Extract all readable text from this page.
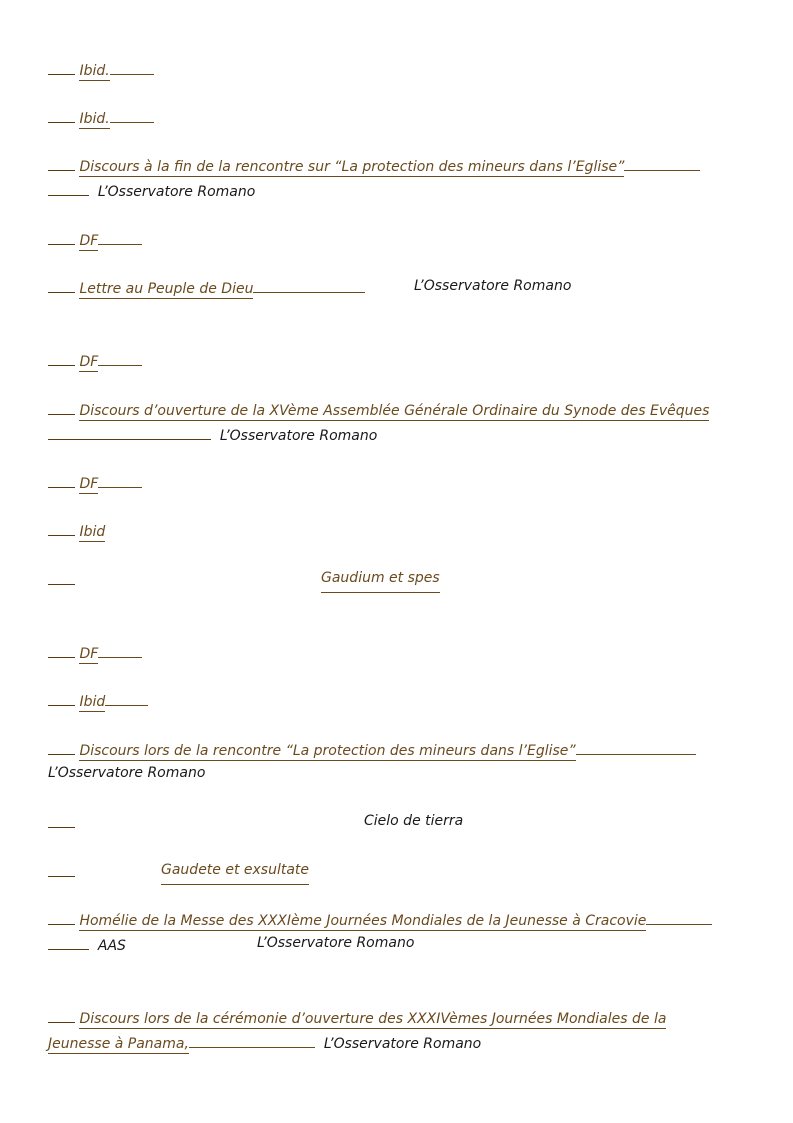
Ibid.
Ibid.
Discours à la fin de la rencontre sur “La protection des mineurs dans l’Eglise”
L’Osservatore Romano
DF
Lettre au Peuple de Dieu	L’Osservatore Romano
DF
Discours d’ouverture de la XVème Assemblée Générale Ordinaire du Synode des Evêques
L’Osservatore Romano
DF
Ibid
Gaudium et spes
DF
Ibid
Discours lors de la rencontre “La protection des mineurs dans l’Eglise”
L’Osservatore Romano
Cielo de tierra
Gaudete et exsultate
Homélie de la Messe des XXXIème Journées Mondiales de la Jeunesse à Cracovie
AAS	L’Osservatore Romano
Discours lors de la cérémonie d’ouverture des XXXIVèmes Journées Mondiales de la
Jeunesse à Panama,	L’Osservatore Romano
